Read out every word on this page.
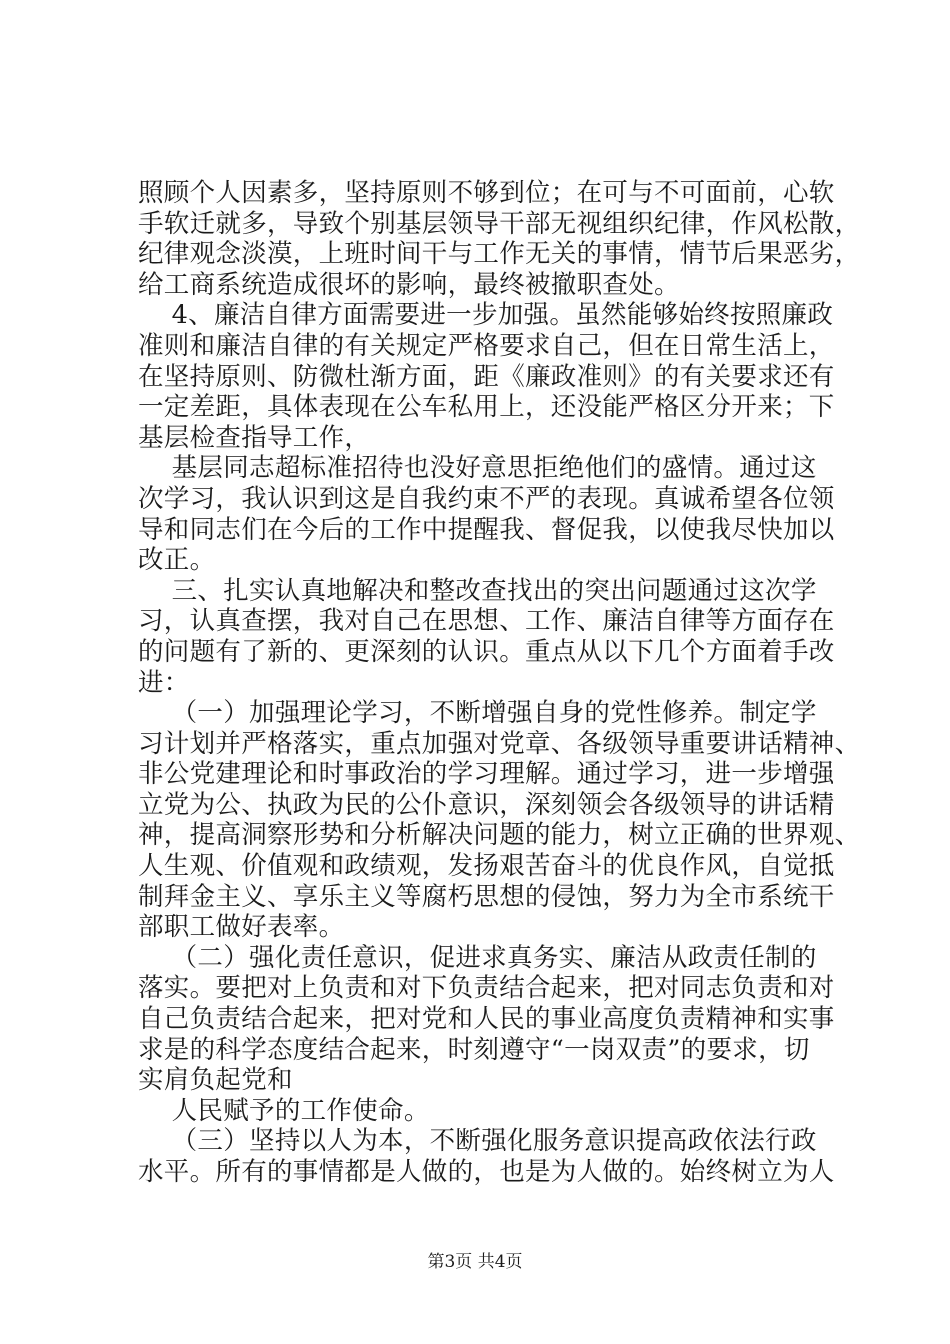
照顾个人因素多，坚持原则不够到位；在可与不可面前，心软
手软迁就多，导致个别基层领导干部无视组织纪律，作风松散，
纪律观念淡漠，上班时间干与工作无关的事情，情节后果恶劣，
给工商系统造成很坏的影响，最终被撤职查处。
4、廉洁自律方面需要进一步加强。虽然能够始终按照廉政
准则和廉洁自律的有关规定严格要求自己，但在日常生活上，
在坚持原则、防微杜渐方面，距《廉政准则》的有关要求还有
一定差距，具体表现在公车私用上，还没能严格区分开来；下
基层检查指导工作，
基层同志超标准招待也没好意思拒绝他们的盛情。通过这
次学习，我认识到这是自我约束不严的表现。真诚希望各位领
导和同志们在今后的工作中提醒我、督促我，以使我尽快加以
改正。
三、扎实认真地解决和整改查找出的突出问题通过这次学
习，认真查摆，我对自己在思想、工作、廉洁自律等方面存在
的问题有了新的、更深刻的认识。重点从以下几个方面着手改
进：
（一）加强理论学习，不断增强自身的党性修养。制定学
习计划并严格落实，重点加强对党章、各级领导重要讲话精神、
非公党建理论和时事政治的学习理解。通过学习，进一步增强
立党为公、执政为民的公仆意识，深刻领会各级领导的讲话精
神，提高洞察形势和分析解决问题的能力，树立正确的世界观、
人生观、价值观和政绩观，发扬艰苦奋斗的优良作风，自觉抵
制拜金主义、享乐主义等腐朽思想的侵蚀，努力为全市系统干
部职工做好表率。
（二）强化责任意识，促进求真务实、廉洁从政责任制的
落实。要把对上负责和对下负责结合起来，把对同志负责和对
自己负责结合起来，把对党和人民的事业高度负责精神和实事
求是的科学态度结合起来，时刻遵守“一岗双责”的要求，切
实肩负起党和
人民赋予的工作使命。
（三）坚持以人为本，不断强化服务意识提高政依法行政
水平。所有的事情都是人做的，也是为人做的。始终树立为人
第3页 共4页
